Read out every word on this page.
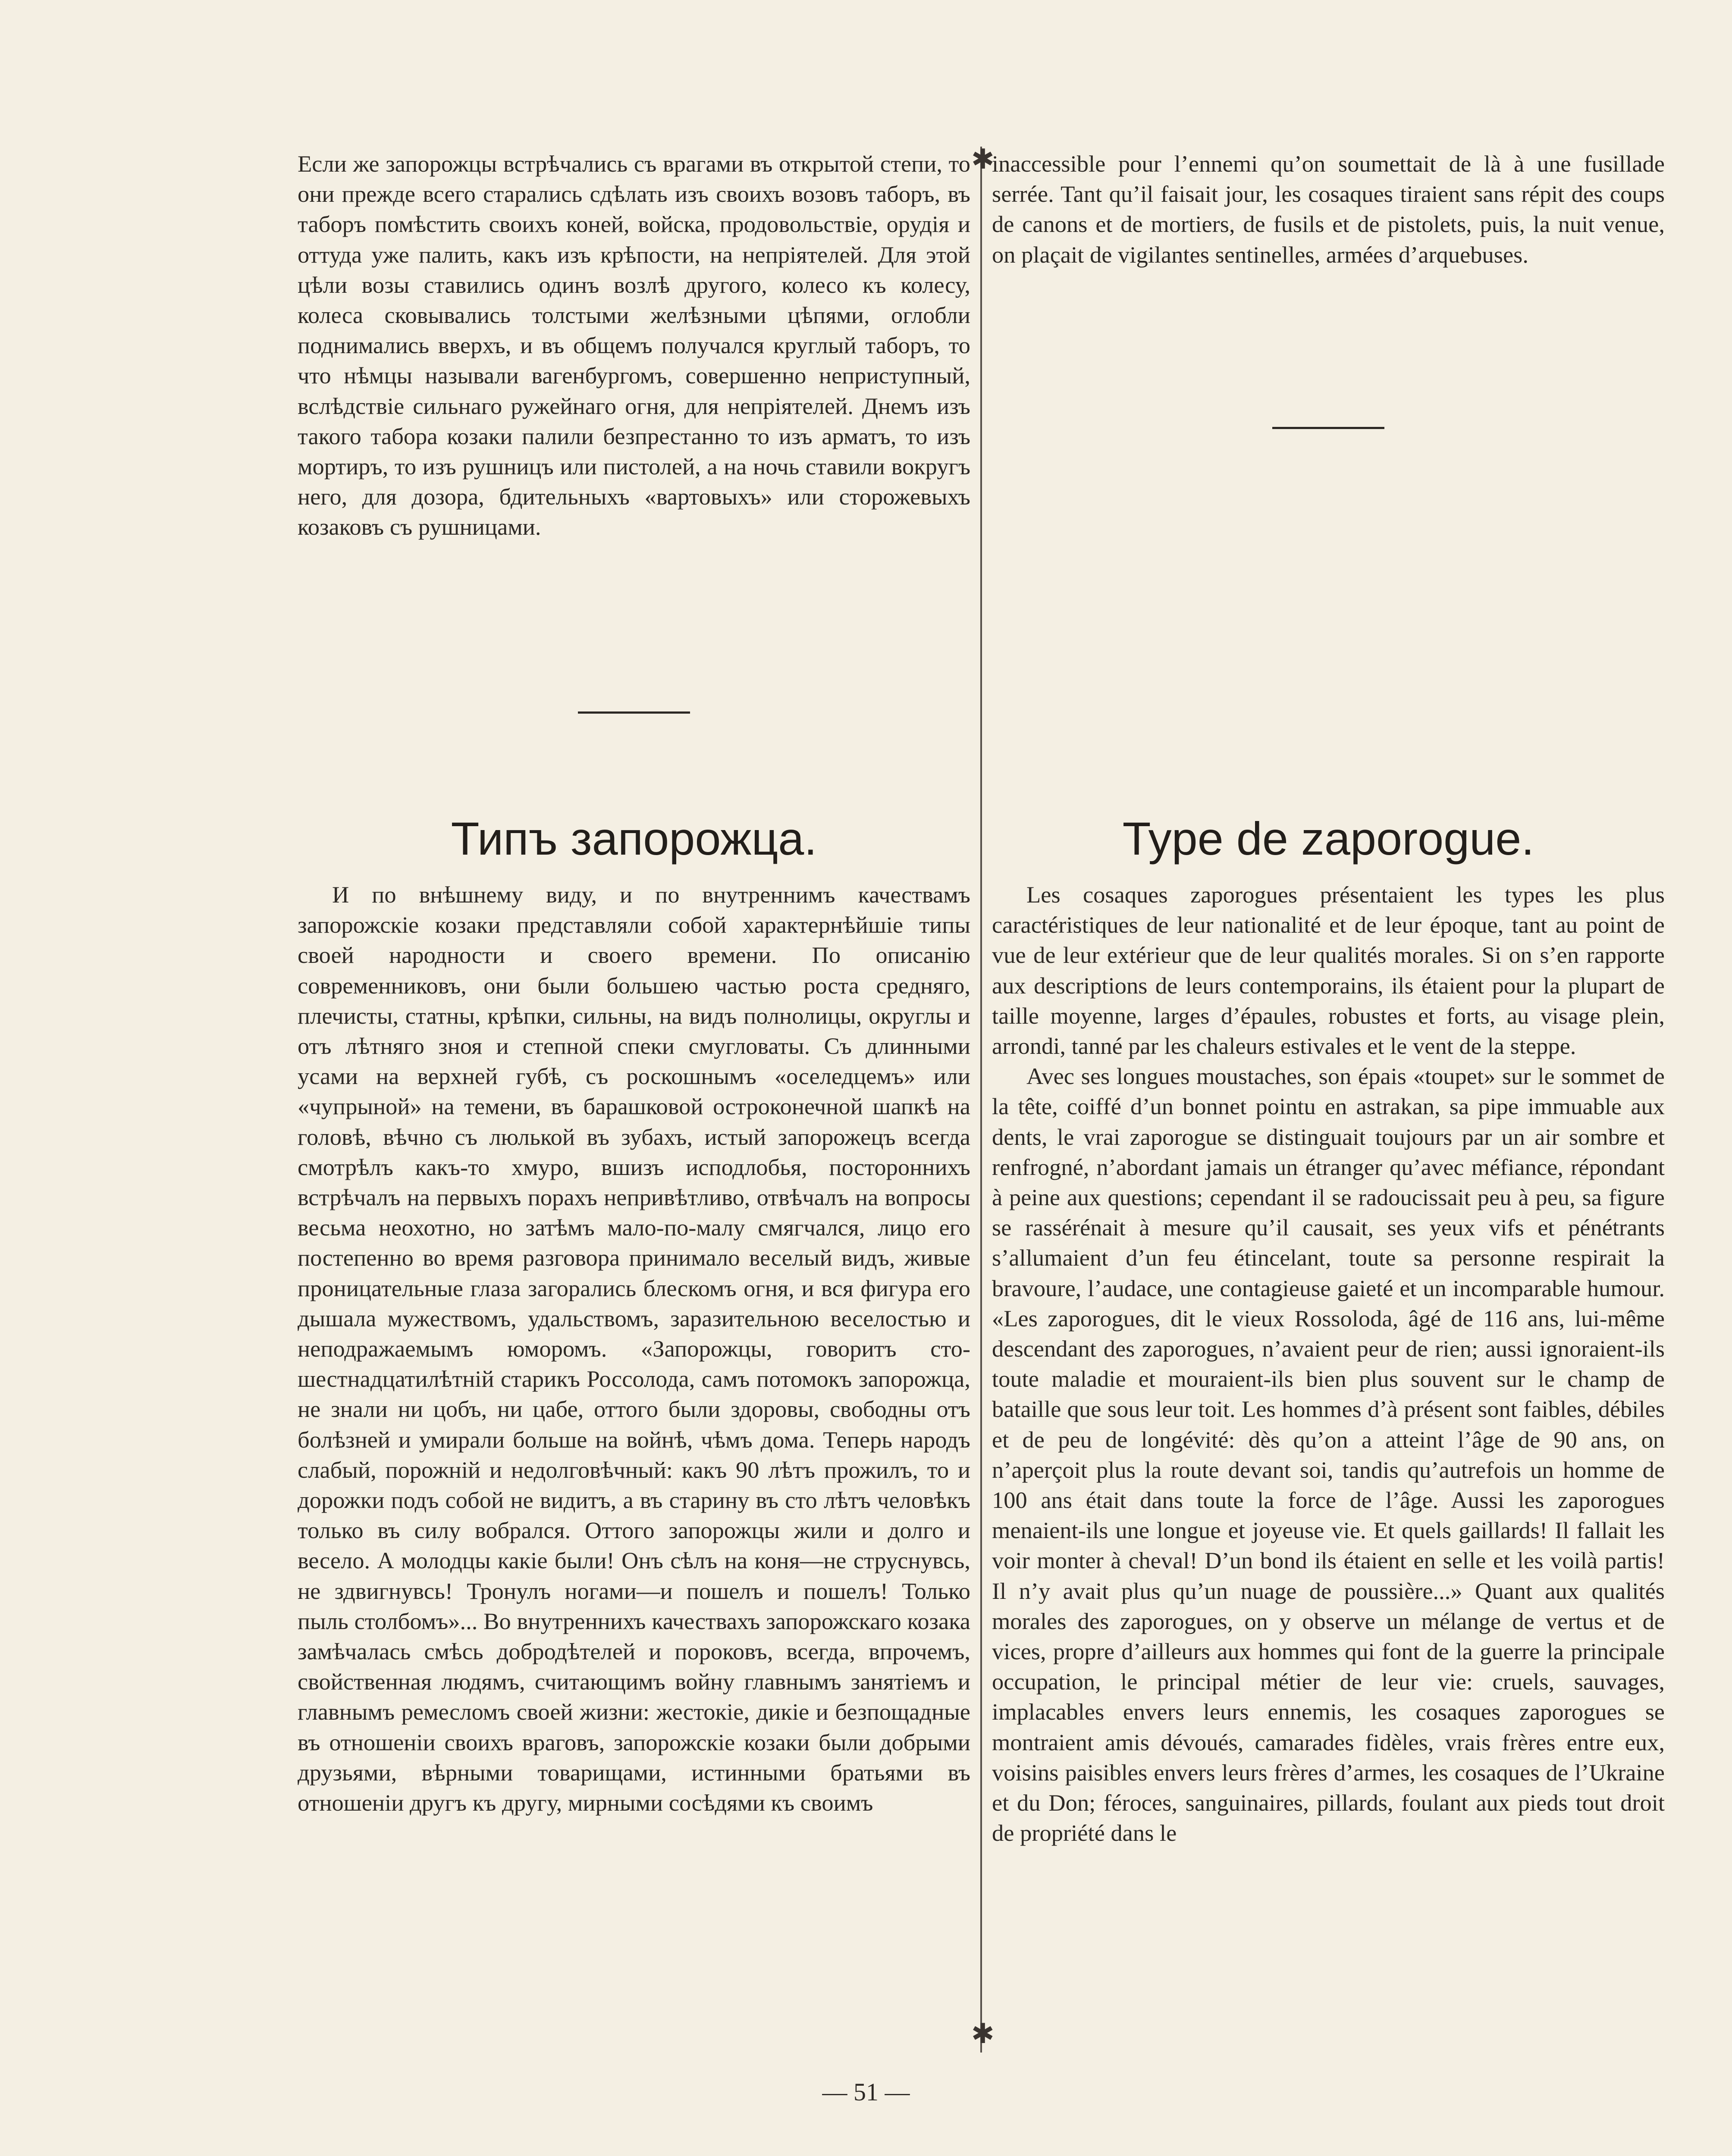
✱
✱

Если же запорожцы встрѣчались съ врагами въ открытой степи, то они прежде всего старались сдѣлать изъ своихъ возовъ таборъ, въ таборъ помѣстить своихъ коней, войска, продовольствіе, орудія и оттуда уже палить, какъ изъ крѣпости, на непріятелей. Для этой цѣли возы ставились одинъ возлѣ другого, колесо къ колесу, колеса сковывались толстыми желѣзными цѣпями, оглобли поднимались вверхъ, и въ общемъ получался круглый таборъ, то что нѣмцы называли вагенбургомъ, совершенно неприступный, вслѣдствіе сильнаго ружейнаго огня, для непріятелей. Днемъ изъ такого табора козаки палили безпрестанно то изъ арматъ, то изъ мортиръ, то изъ рушницъ или пистолей, а на ночь ставили вокругъ него, для дозора, бдительныхъ «вартовыхъ» или сторожевыхъ козаковъ съ рушницами.

inaccessible pour l’ennemi qu’on soumettait de là à une fusillade serrée. Tant qu’il faisait jour, les cosaques tiraient sans répit des coups de canons et de mortiers, de fusils et de pistolets, puis, la nuit venue, on plaçait de vigilantes sentinelles, armées d’arquebuses.

Типъ запорожца.	Type de zaporogue.

И по внѣшнему виду, и по внутреннимъ качествамъ запорожскіе козаки представляли собой характернѣйшіе типы своей народности и своего времени. По описанію современниковъ, они были большею частью роста средняго, плечисты, статны, крѣпки, сильны, на видъ полнолицы, округлы и отъ лѣтняго зноя и степной спеки смугловаты. Съ длинными усами на верхней губѣ, съ роскошнымъ «оселедцемъ» или «чупрыной» на темени, въ барашковой остроконечной шапкѣ на головѣ, вѣчно съ люлькой въ зубахъ, истый запорожецъ всегда смотрѣлъ какъ-то хмуро, вшизъ исподлобья, постороннихъ встрѣчалъ на первыхъ порахъ непривѣтливо, отвѣчалъ на вопросы весьма неохотно, но затѣмъ мало-по-малу смягчался, лицо его постепенно во время разговора принимало веселый видъ, живые проницательные глаза загорались блескомъ огня, и вся фигура его дышала мужествомъ, удальствомъ, заразительною веселостью и неподражаемымъ юморомъ. «Запорожцы, говоритъ сто-шестнадцатилѣтній старикъ Россолода, самъ потомокъ запорожца, не знали ни цобъ, ни цабе, оттого были здоровы, свободны отъ болѣзней и умирали больше на войнѣ, чѣмъ дома. Теперь народъ слабый, порожній и недолговѣчный: какъ 90 лѣтъ прожилъ, то и дорожки подъ собой не видитъ, а въ старину въ сто лѣтъ человѣкъ только въ силу вобрался. Оттого запорожцы жили и долго и весело. А молодцы какіе были! Онъ сѣлъ на коня—не струснувсь, не здвигнувсь! Тронулъ ногами—и пошелъ и пошелъ! Только пыль столбомъ»... Во внутреннихъ качествахъ запорожскаго козака замѣчалась смѣсь добродѣтелей и пороковъ, всегда, впрочемъ, свойственная людямъ, считающимъ войну главнымъ занятіемъ и главнымъ ремесломъ своей жизни: жестокіе, дикіе и безпощадные въ отношеніи своихъ враговъ, запорожскіе козаки были добрыми друзьями, вѣрными товарищами, истинными братьями въ отношеніи другъ къ другу, мирными сосѣдями къ своимъ

Les cosaques zaporogues présentaient les types les plus caractéristiques de leur nationalité et de leur époque, tant au point de vue de leur extérieur que de leur qualités morales. Si on s’en rapporte aux descriptions de leurs contemporains, ils étaient pour la plupart de taille moyenne, larges d’épaules, robustes et forts, au visage plein, arrondi, tanné par les chaleurs estivales et le vent de la steppe.

Avec ses longues moustaches, son épais «toupet» sur le sommet de la tête, coiffé d’un bonnet pointu en astrakan, sa pipe immuable aux dents, le vrai zaporogue se distinguait toujours par un air sombre et renfrogné, n’abordant jamais un étranger qu’avec méfiance, répondant à peine aux questions; cependant il se radoucissait peu à peu, sa figure se rassérénait à mesure qu’il causait, ses yeux vifs et pénétrants s’allumaient d’un feu étincelant, toute sa personne respirait la bravoure, l’audace, une contagieuse gaieté et un incomparable humour. «Les zaporogues, dit le vieux Rossoloda, âgé de 116 ans, lui-même descendant des zaporogues, n’avaient peur de rien; aussi ignoraient-ils toute maladie et mouraient-ils bien plus souvent sur le champ de bataille que sous leur toit. Les hommes d’à présent sont faibles, débiles et de peu de longévité: dès qu’on a atteint l’âge de 90 ans, on n’aperçoit plus la route devant soi, tandis qu’autrefois un homme de 100 ans était dans toute la force de l’âge. Aussi les zaporogues menaient-ils une longue et joyeuse vie. Et quels gaillards! Il fallait les voir monter à cheval! D’un bond ils étaient en selle et les voilà partis! Il n’y avait plus qu’un nuage de poussière...» Quant aux qualités morales des zaporogues, on y observe un mélange de vertus et de vices, propre d’ailleurs aux hommes qui font de la guerre la principale occupation, le principal métier de leur vie: cruels, sauvages, implacables envers leurs ennemis, les cosaques zaporogues se montraient amis dévoués, camarades fidèles, vrais frères entre eux, voisins paisibles envers leurs frères d’armes, les cosaques de l’Ukraine et du Don; féroces, sanguinaires, pillards, foulant aux pieds tout droit de propriété dans le

— 51 —
